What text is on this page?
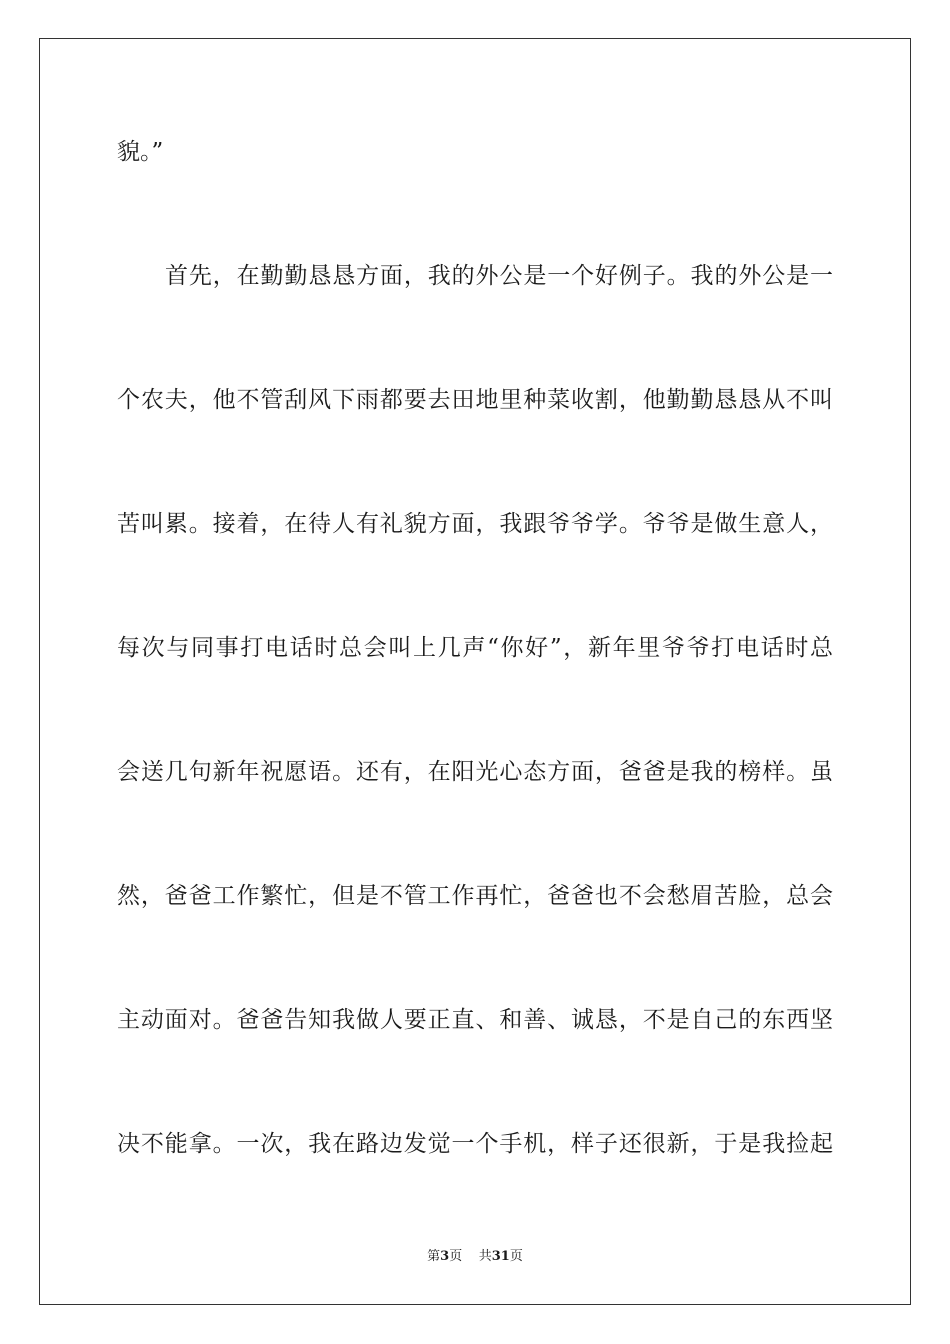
貌。”
首先，在勤勤恳恳方面，我的外公是一个好例子。我的外公是一
个农夫，他不管刮风下雨都要去田地里种菜收割，他勤勤恳恳从不叫
苦叫累。接着，在待人有礼貌方面，我跟爷爷学。爷爷是做生意人，
每次与同事打电话时总会叫上几声“你好”，新年里爷爷打电话时总
会送几句新年祝愿语。还有，在阳光心态方面，爸爸是我的榜样。虽
然，爸爸工作繁忙，但是不管工作再忙，爸爸也不会愁眉苦脸，总会
主动面对。爸爸告知我做人要正直、和善、诚恳，不是自己的东西坚
决不能拿。一次，我在路边发觉一个手机，样子还很新，于是我捡起
第3页 共31页
